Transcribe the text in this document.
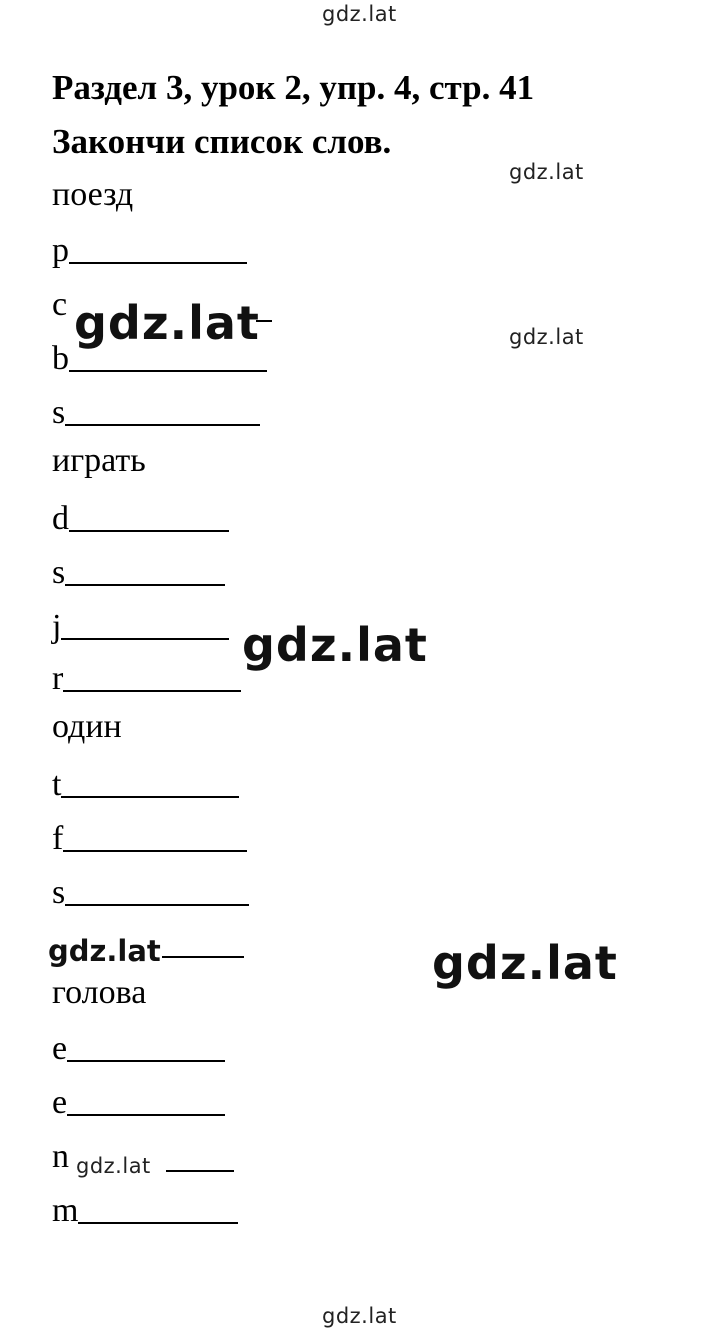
gdz.lat
Раздел 3, урок 2, упр. 4, стр. 41
Закончи список слов.
gdz.lat
поезд
p
c
b
gdz.lat	gdz.lat
s
играть
d
s
j	gdz.lat
r
один
t
f
s
gdz.lat	gdz.lat
голова
e
e
n gdz.lat
m
gdz.lat
